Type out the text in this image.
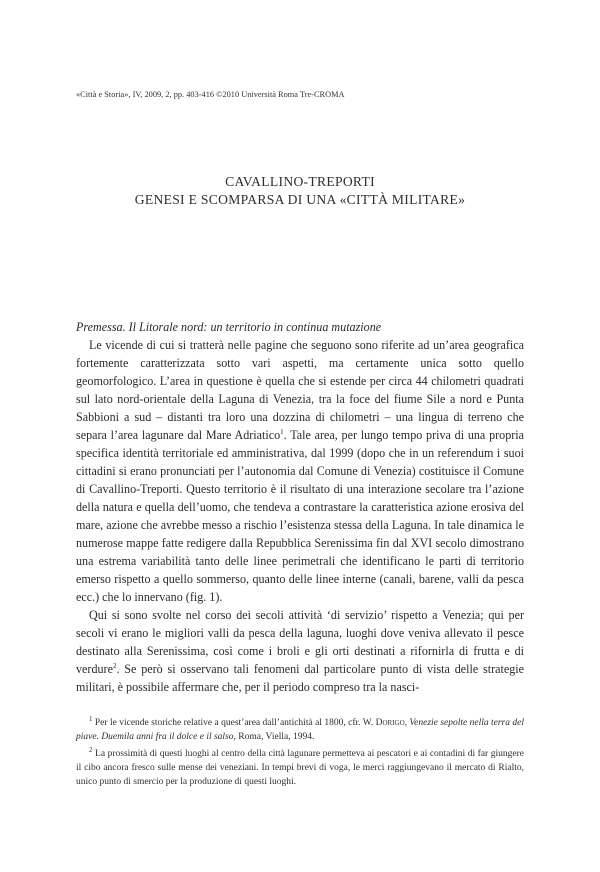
«Città e Storia», IV, 2009, 2, pp. 403-416 ©2010 Università Roma Tre-CROMA
CAVALLINO-TREPORTI
GENESI E SCOMPARSA DI UNA «CITTÀ MILITARE»

Premessa. Il Litorale nord: un territorio in continua mutazione

Le vicende di cui si tratterà nelle pagine che seguono sono riferite ad un’area geografica fortemente caratterizzata sotto vari aspetti, ma certamente unica sotto quello geomorfologico. L’area in questione è quella che si estende per circa 44 chilometri quadrati sul lato nord-orientale della Laguna di Venezia, tra la foce del fiume Sile a nord e Punta Sabbioni a sud – distanti tra loro una dozzina di chilometri – una lingua di terreno che separa l’area lagunare dal Mare Adriatico$^1$. Tale area, per lungo tempo priva di una propria specifica identità territoriale ed amministrativa, dal 1999 (dopo che in un referendum i suoi cittadini si erano pronunciati per l’autonomia dal Comune di Venezia) costituisce il Comune di Cavallino-Treporti. Questo territorio è il risultato di una interazione secolare tra l’azione della natura e quella dell’uomo, che tendeva a contrastare la caratteristica azione erosiva del mare, azione che avrebbe messo a rischio l’esistenza stessa della Laguna. In tale dinamica le numerose mappe fatte redigere dalla Repubblica Serenissima fin dal XVI secolo dimostrano una estrema variabilità tanto delle linee perimetrali che identificano le parti di territorio emerso rispetto a quello sommerso, quanto delle linee interne (canali, barene, valli da pesca ecc.) che lo innervano (fig. 1).

Qui si sono svolte nel corso dei secoli attività ‘di servizio’ rispetto a Venezia; qui per secoli vi erano le migliori valli da pesca della laguna, luoghi dove veniva allevato il pesce destinato alla Serenissima, così come i broli e gli orti destinati a rifornirla di frutta e di verdure$^2$. Se però si osservano tali fenomeni dal particolare punto di vista delle strategie militari, è possibile affermare che, per il periodo compreso tra la nasci-

$^1$ Per le vicende storiche relative a quest’area dall’antichità al 1800, cfr. W. Dorigo, Venezie sepolte nella terra del piave. Duemila anni fra il dolce e il salso, Roma, Viella, 1994.

$^2$ La prossimità di questi luoghi al centro della città lagunare permetteva ai pescatori e ai contadini di far giungere il cibo ancora fresco sulle mense dei veneziani. In tempi brevi di voga, le merci raggiungevano il mercato di Rialto, unico punto di smercio per la produzione di questi luoghi.
